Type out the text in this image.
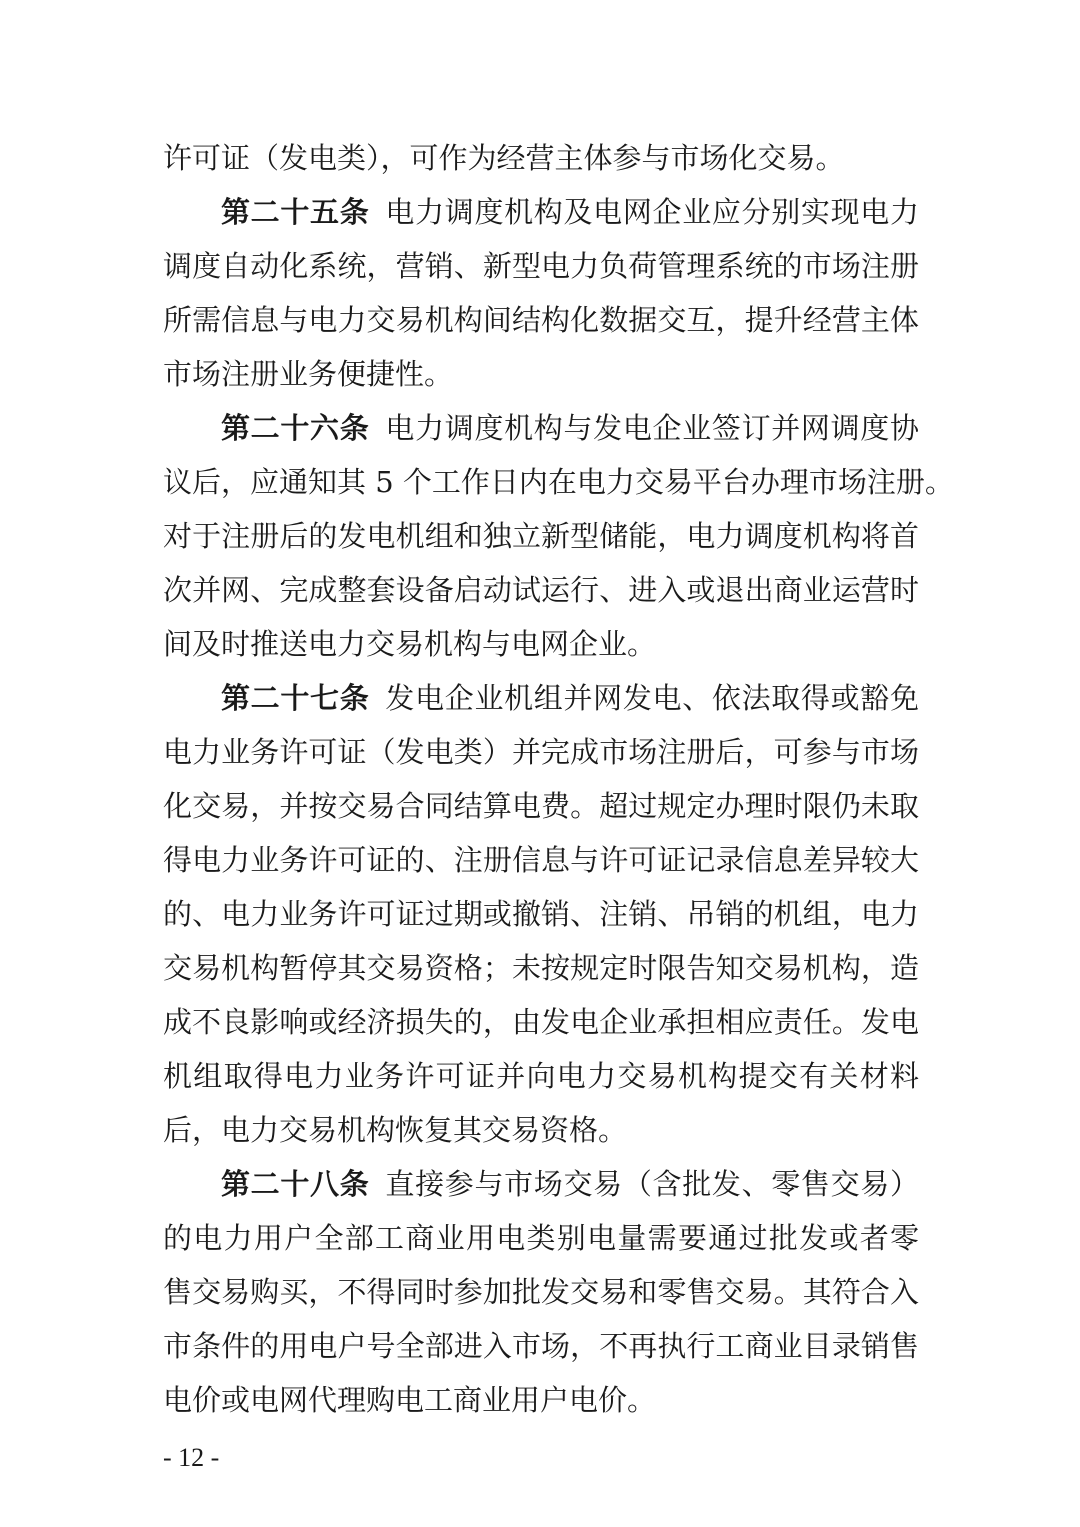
许可证（发电类），可作为经营主体参与市场化交易。
第二十五条 电力调度机构及电网企业应分别实现电力
调度自动化系统，营销、新型电力负荷管理系统的市场注册
所需信息与电力交易机构间结构化数据交互，提升经营主体
市场注册业务便捷性。
第二十六条 电力调度机构与发电企业签订并网调度协
议后，应通知其 5 个工作日内在电力交易平台办理市场注册。
对于注册后的发电机组和独立新型储能，电力调度机构将首
次并网、完成整套设备启动试运行、进入或退出商业运营时
间及时推送电力交易机构与电网企业。
第二十七条 发电企业机组并网发电、依法取得或豁免
电力业务许可证（发电类）并完成市场注册后，可参与市场
化交易，并按交易合同结算电费。超过规定办理时限仍未取
得电力业务许可证的、注册信息与许可证记录信息差异较大
的、电力业务许可证过期或撤销、注销、吊销的机组，电力
交易机构暂停其交易资格；未按规定时限告知交易机构，造
成不良影响或经济损失的，由发电企业承担相应责任。发电
机组取得电力业务许可证并向电力交易机构提交有关材料
后，电力交易机构恢复其交易资格。
第二十八条 直接参与市场交易（含批发、零售交易）
的电力用户全部工商业用电类别电量需要通过批发或者零
售交易购买，不得同时参加批发交易和零售交易。其符合入
市条件的用电户号全部进入市场，不再执行工商业目录销售
电价或电网代理购电工商业用户电价。
- 12 -
